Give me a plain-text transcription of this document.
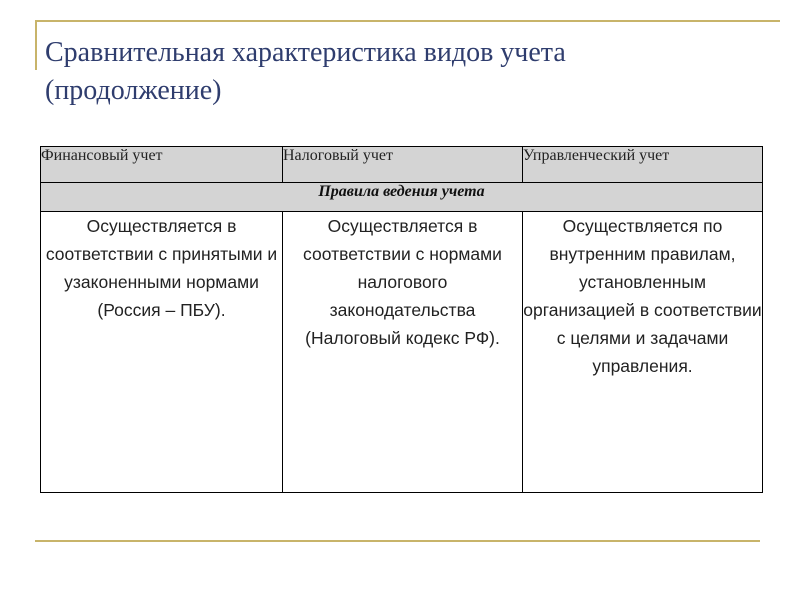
Сравнительная характеристика видов учета
(продолжение)
Финансовый учет	Налоговый учет	Управленческий учет
Правила ведения учета		
Осуществляется в соответствии с принятыми и узаконенными нормами (Россия – ПБУ).	Осуществляется в соответствии с нормами налогового законодательства (Налоговый кодекс РФ).	Осуществляется по внутренним правилам, установленным организацией в соответствии с целями и задачами управления.
